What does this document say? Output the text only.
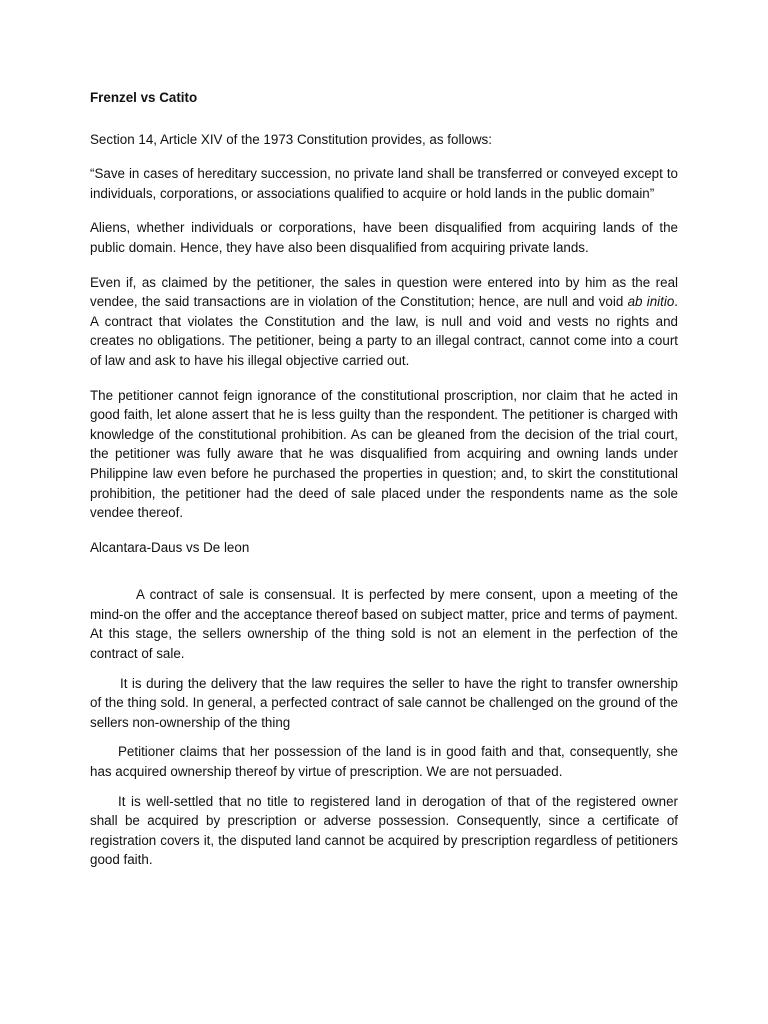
Frenzel vs Catito

Section 14, Article XIV of the 1973 Constitution provides, as follows:

“Save in cases of hereditary succession, no private land shall be transferred or conveyed except to individuals, corporations, or associations qualified to acquire or hold lands in the public domain”

Aliens, whether individuals or corporations, have been disqualified from acquiring lands of the public domain. Hence, they have also been disqualified from acquiring private lands.

Even if, as claimed by the petitioner, the sales in question were entered into by him as the real vendee, the said transactions are in violation of the Constitution; hence, are null and void ab initio. A contract that violates the Constitution and the law, is null and void and vests no rights and creates no obligations. The petitioner, being a party to an illegal contract, cannot come into a court of law and ask to have his illegal objective carried out.

The petitioner cannot feign ignorance of the constitutional proscription, nor claim that he acted in good faith, let alone assert that he is less guilty than the respondent. The petitioner is charged with knowledge of the constitutional prohibition. As can be gleaned from the decision of the trial court, the petitioner was fully aware that he was disqualified from acquiring and owning lands under Philippine law even before he purchased the properties in question; and, to skirt the constitutional prohibition, the petitioner had the deed of sale placed under the respondents name as the sole vendee thereof.

Alcantara-Daus vs De leon

A contract of sale is consensual. It is perfected by mere consent, upon a meeting of the mind-on the offer and the acceptance thereof based on subject matter, price and terms of payment. At this stage, the sellers ownership of the thing sold is not an element in the perfection of the contract of sale.

It is during the delivery that the law requires the seller to have the right to transfer ownership of the thing sold. In general, a perfected contract of sale cannot be challenged on the ground of the sellers non-ownership of the thing

Petitioner claims that her possession of the land is in good faith and that, consequently, she has acquired ownership thereof by virtue of prescription. We are not persuaded.

It is well-settled that no title to registered land in derogation of that of the registered owner shall be acquired by prescription or adverse possession. Consequently, since a certificate of registration covers it, the disputed land cannot be acquired by prescription regardless of petitioners good faith.
